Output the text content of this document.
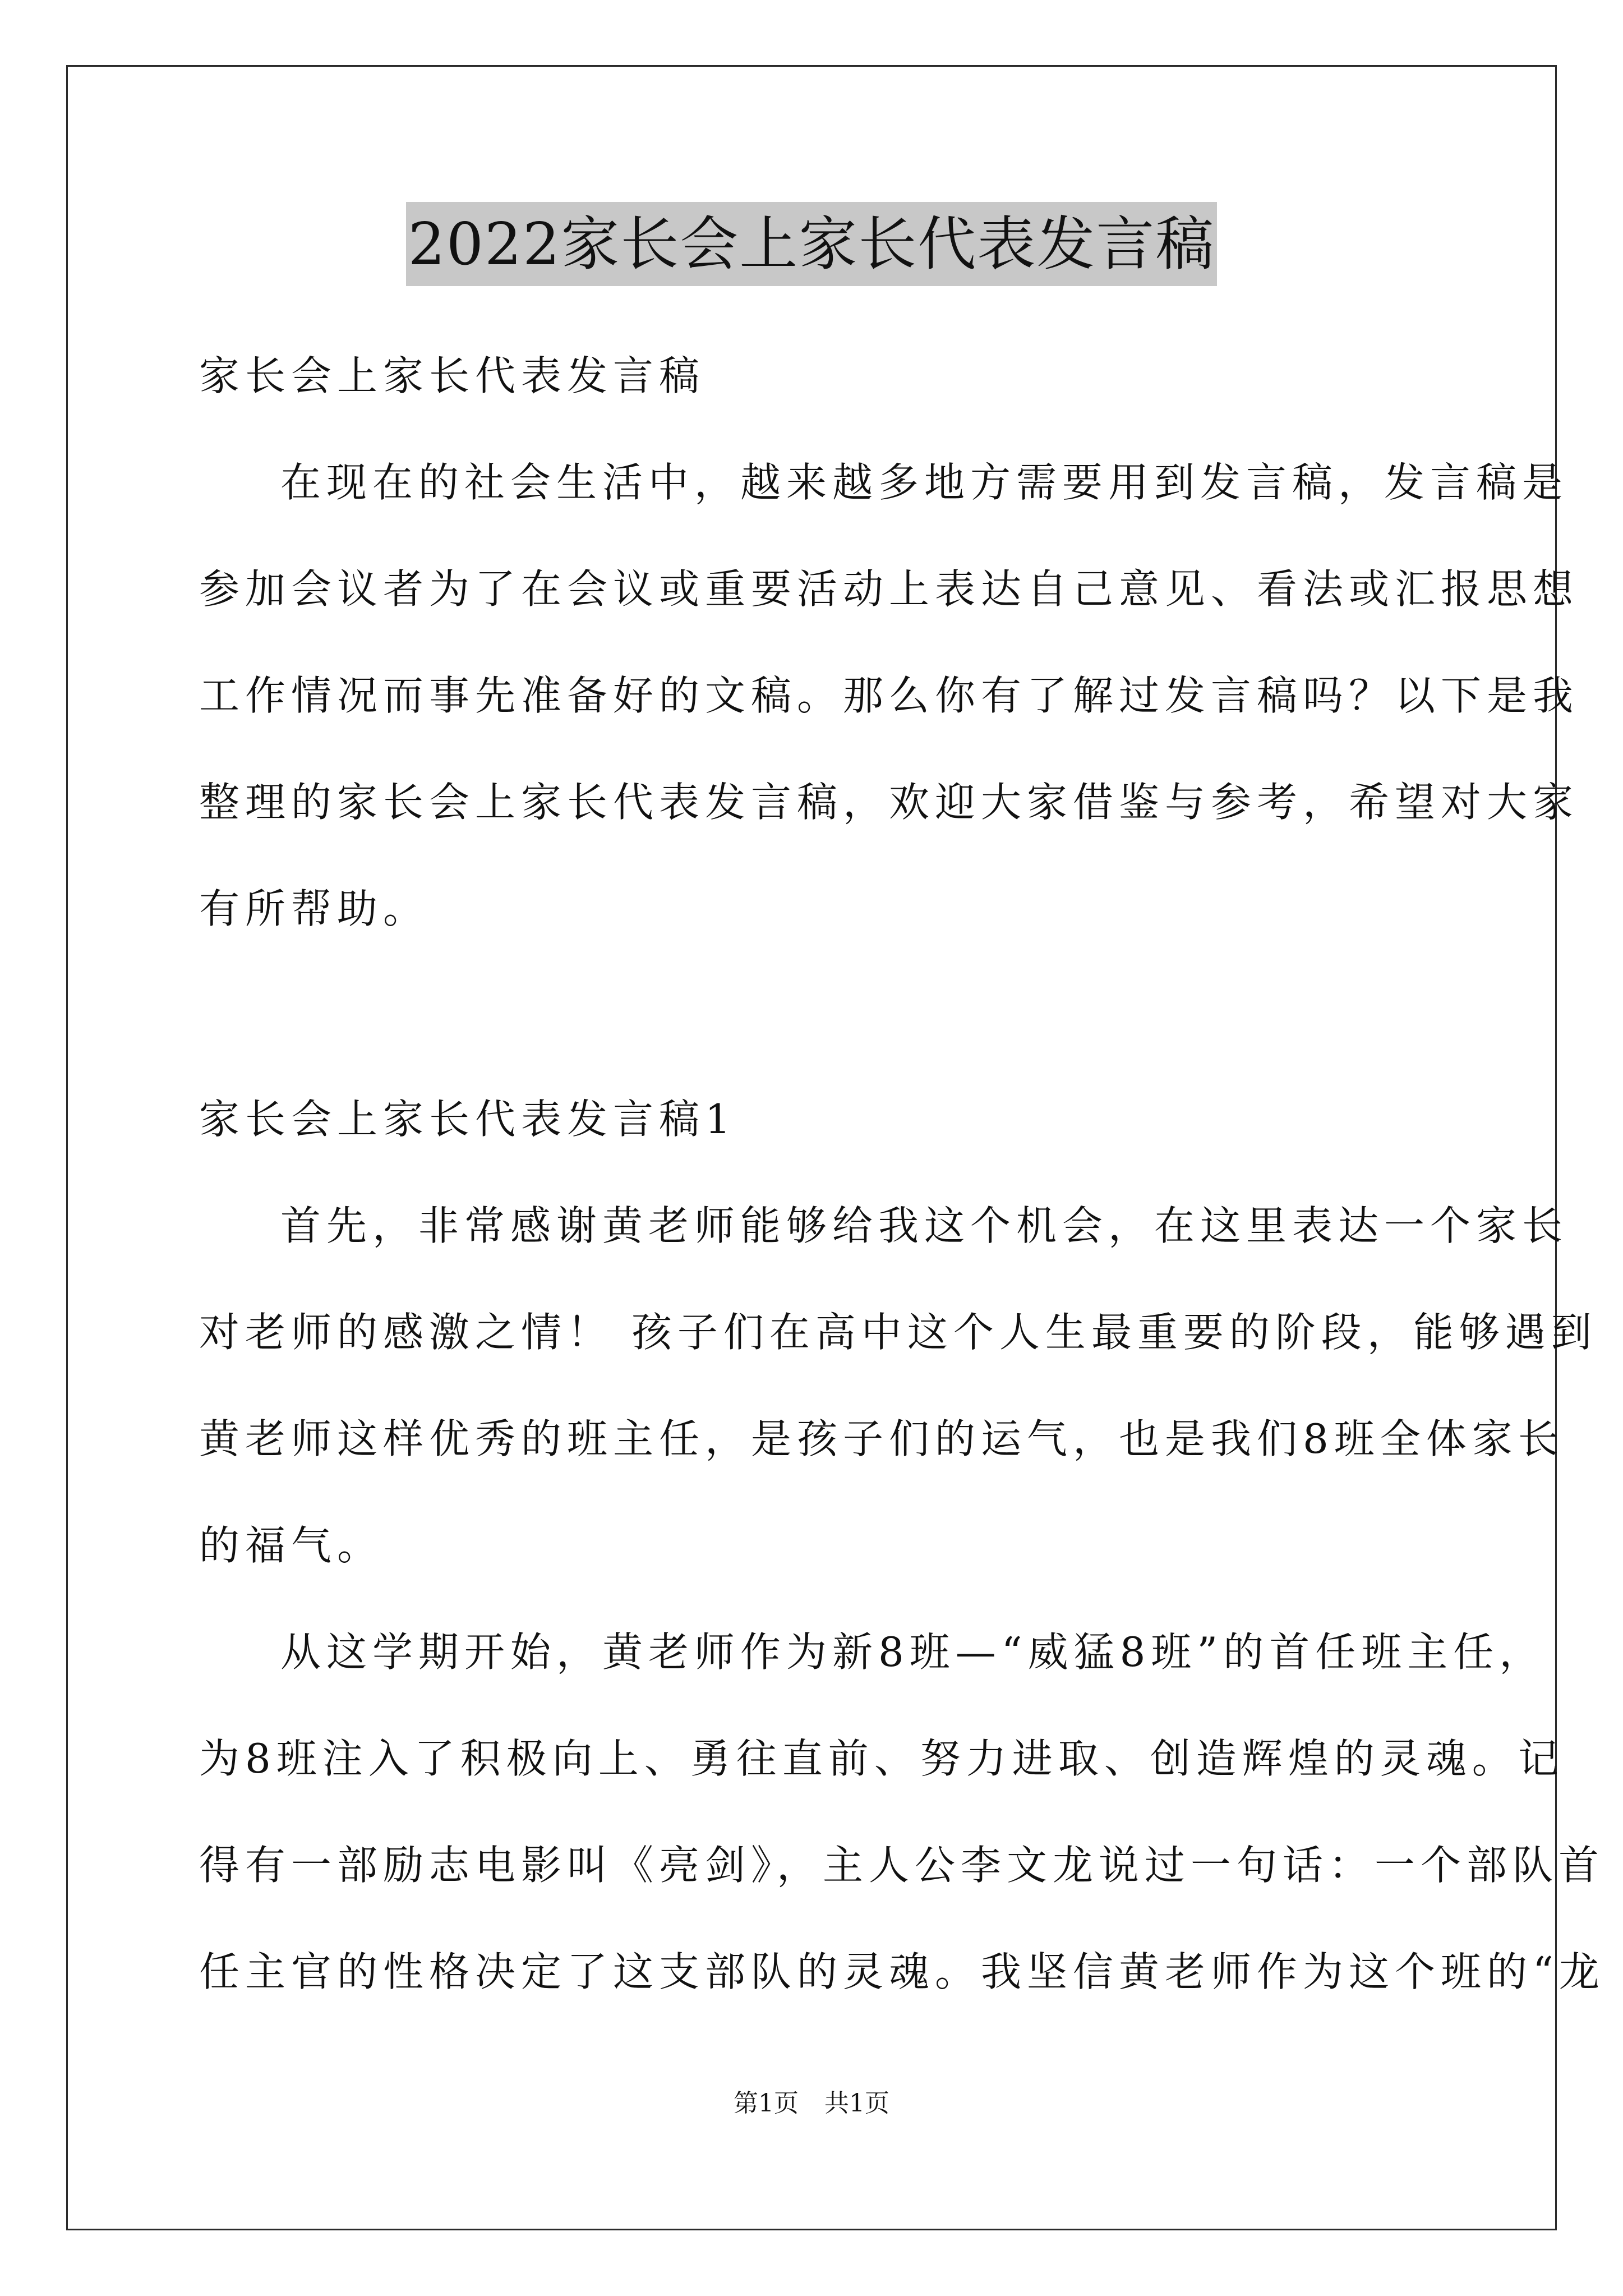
2022家长会上家长代表发言稿
家长会上家长代表发言稿
在现在的社会生活中，越来越多地方需要用到发言稿，发言稿是
参加会议者为了在会议或重要活动上表达自己意见、看法或汇报思想
工作情况而事先准备好的文稿。那么你有了解过发言稿吗？以下是我
整理的家长会上家长代表发言稿，欢迎大家借鉴与参考，希望对大家
有所帮助。
家长会上家长代表发言稿1
首先，非常感谢黄老师能够给我这个机会，在这里表达一个家长
对老师的感激之情！ 孩子们在高中这个人生最重要的阶段，能够遇到
黄老师这样优秀的班主任，是孩子们的运气，也是我们8班全体家长
的福气。
从这学期开始，黄老师作为新8班—“威猛8班”的首任班主任，
为8班注入了积极向上、勇往直前、努力进取、创造辉煌的灵魂。记
得有一部励志电影叫《亮剑》，主人公李文龙说过一句话：一个部队首
任主官的性格决定了这支部队的灵魂。我坚信黄老师作为这个班的“龙
第1页 共1页
